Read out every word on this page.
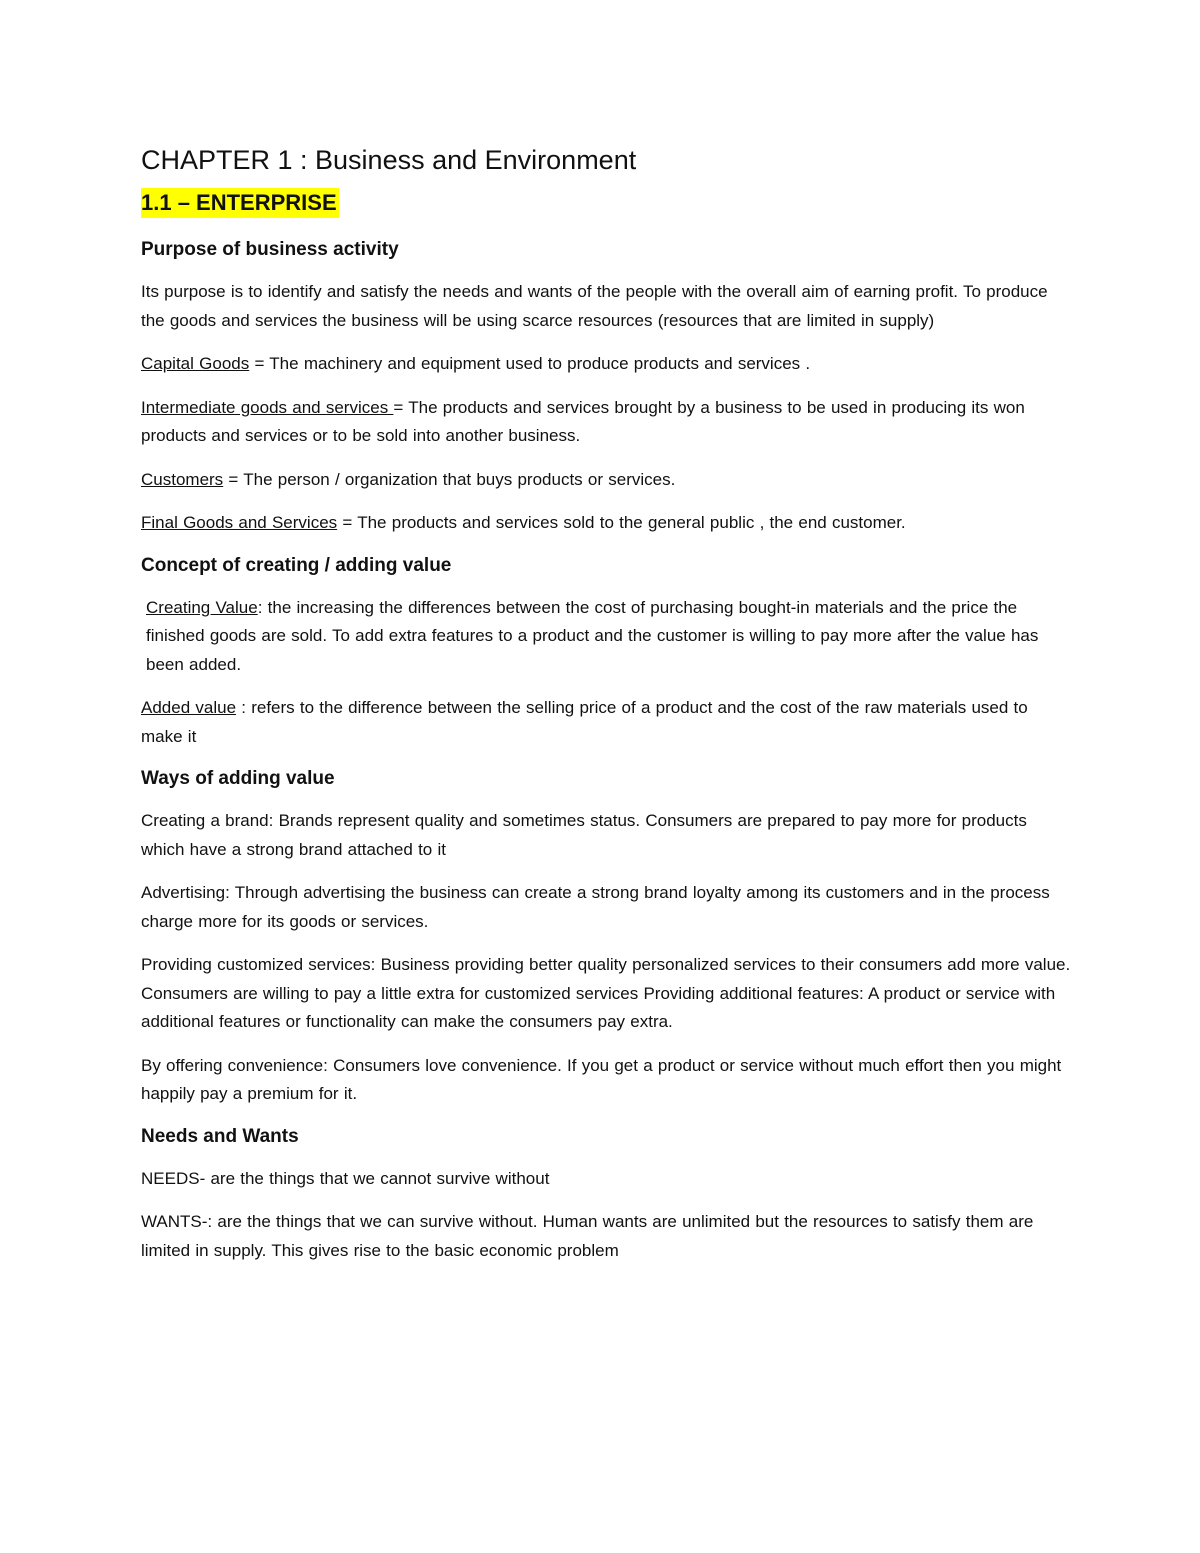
CHAPTER 1 : Business and Environment
1.1 – ENTERPRISE
Purpose of business activity
Its purpose is to identify and satisfy the needs and wants of the people with the overall aim of earning profit. To produce the goods and services the business will be using scarce resources (resources that are limited in supply)
Capital Goods = The machinery and equipment used to produce products and services .
Intermediate goods and services = The products and services brought by a business to be used in producing its won products and services or to be sold into another business.
Customers = The person / organization that buys products or services.
Final Goods and Services = The products and services sold to the general public , the end customer.
Concept of creating / adding value
Creating Value: the increasing the differences between the cost of purchasing bought-in materials and the price the finished goods are sold. To add extra features to a product and the customer is willing to pay more after the value has been added.
Added value : refers to the difference between the selling price of a product and the cost of the raw materials used to make it
Ways of adding value
Creating a brand: Brands represent quality and sometimes status. Consumers are prepared to pay more for products which have a strong brand attached to it
Advertising: Through advertising the business can create a strong brand loyalty among its customers and in the process charge more for its goods or services.
Providing customized services: Business providing better quality personalized services to their consumers add more value. Consumers are willing to pay a little extra for customized services Providing additional features: A product or service with additional features or functionality can make the consumers pay extra.
By offering convenience: Consumers love convenience. If you get a product or service without much effort then you might happily pay a premium for it.
Needs and Wants
NEEDS- are the things that we cannot survive without
WANTS-: are the things that we can survive without. Human wants are unlimited but the resources to satisfy them are limited in supply. This gives rise to the basic economic problem
